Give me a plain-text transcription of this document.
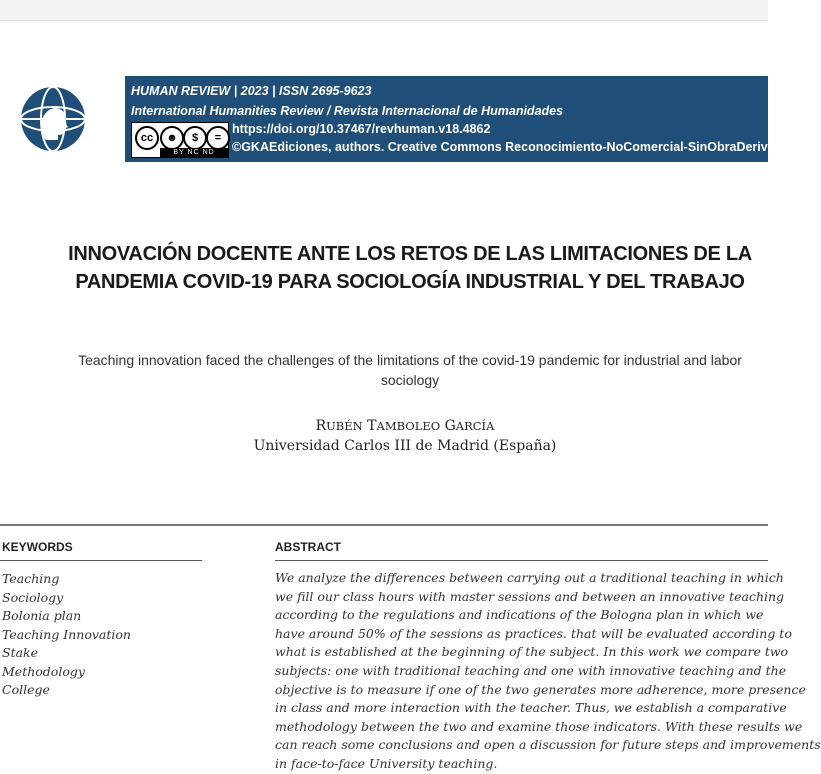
HUMAN REVIEW | 2023 | ISSN 2695-9623
International Humanities Review / Revista Internacional de Humanidades
cc	☻	$	=
BY NC ND
https://doi.org/10.37467/revhuman.v18.4862
©GKAEdiciones, authors. Creative Commons Reconocimiento-NoComercial-SinObraDerivada
INNOVACIÓN DOCENTE ANTE LOS RETOS DE LAS LIMITACIONES DE LA
PANDEMIA COVID-19 PARA SOCIOLOGÍA INDUSTRIAL Y DEL TRABAJO
Teaching innovation faced the challenges of the limitations of the covid-19 pandemic for industrial and labor
sociology
RUBÉN TAMBOLEO GARCÍA
Universidad Carlos III de Madrid (España)
KEYWORDS
Teaching
Sociology
Bolonia plan
Teaching Innovation
Stake
Methodology
College
ABSTRACT
We analyze the differences between carrying out a traditional teaching in which
we fill our class hours with master sessions and between an innovative teaching
according to the regulations and indications of the Bologna plan in which we
have around 50% of the sessions as practices. that will be evaluated according to
what is established at the beginning of the subject. In this work we compare two
subjects: one with traditional teaching and one with innovative teaching and the
objective is to measure if one of the two generates more adherence, more presence
in class and more interaction with the teacher. Thus, we establish a comparative
methodology between the two and examine those indicators. With these results we
can reach some conclusions and open a discussion for future steps and improvements
in face-to-face University teaching.
